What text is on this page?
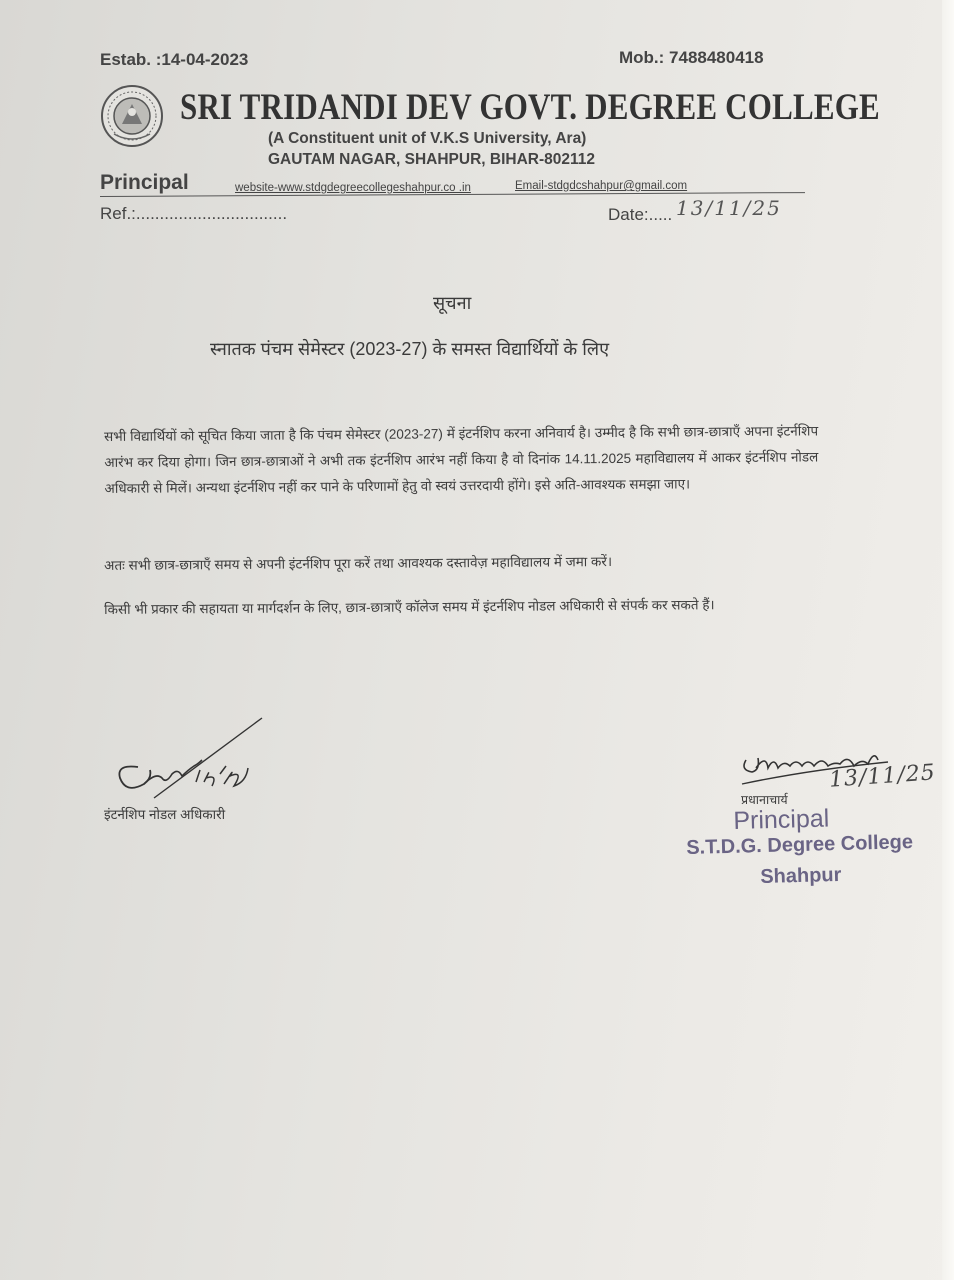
Estab. :14-04-2023	Mob.: 7488480418
SRI TRIDANDI DEV GOVT. DEGREE COLLEGE
(A Constituent unit of V.K.S University, Ara)
GAUTAM NAGAR, SHAHPUR, BIHAR-802112
Principal	website-www.stdgdegreecollegeshahpur.co .in	Email-stdgdcshahpur@gmail.com
Ref.:................................	Date:..... 13/11/25
सूचना
स्नातक पंचम सेमेस्टर (2023-27) के समस्त विद्यार्थियों के लिए
सभी विद्यार्थियों को सूचित किया जाता है कि पंचम सेमेस्टर (2023-27) में इंटर्नशिप करना अनिवार्य है। उम्मीद है कि सभी छात्र-छात्राएँ अपना इंटर्नशिप आरंभ कर दिया होगा। जिन छात्र-छात्राओं ने अभी तक इंटर्नशिप आरंभ नहीं किया है वो दिनांक 14.11.2025 महाविद्यालय में आकर इंटर्नशिप नोडल अधिकारी से मिलें। अन्यथा इंटर्नशिप नहीं कर पाने के परिणामों हेतु वो स्वयं उत्तरदायी होंगे। इसे अति-आवश्यक समझा जाए।
अतः सभी छात्र-छात्राएँ समय से अपनी इंटर्नशिप पूरा करें तथा आवश्यक दस्तावेज़ महाविद्यालय में जमा करें।
किसी भी प्रकार की सहायता या मार्गदर्शन के लिए, छात्र-छात्राएँ कॉलेज समय में इंटर्नशिप नोडल अधिकारी से संपर्क कर सकते हैं।
इंटर्नशिप नोडल अधिकारी
प्रधानाचार्य
13/11/25
Principal
S.T.D.G. Degree College
Shahpur
